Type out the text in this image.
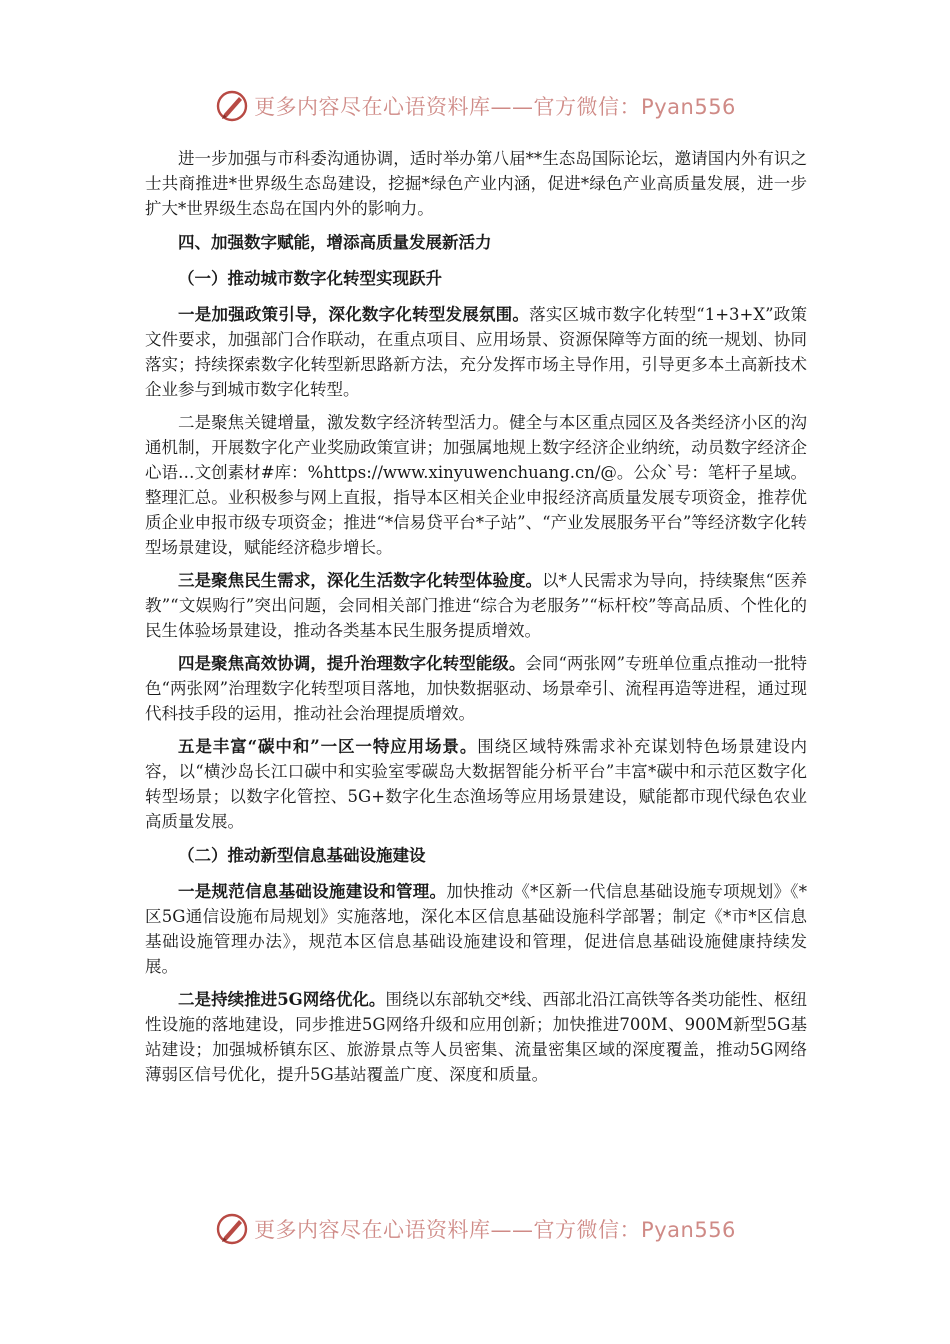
更多内容尽在心语资料库——官方微信：Pyan556

进一步加强与市科委沟通协调，适时举办第八届**生态岛国际论坛，邀请国内外有识之士共商推进*世界级生态岛建设，挖掘*绿色产业内涵，促进*绿色产业高质量发展，进一步扩大*世界级生态岛在国内外的影响力。

四、加强数字赋能，增添高质量发展新活力

（一）推动城市数字化转型实现跃升

一是加强政策引导，深化数字化转型发展氛围。落实区城市数字化转型“1+3+X”政策文件要求，加强部门合作联动，在重点项目、应用场景、资源保障等方面的统一规划、协同落实；持续探索数字化转型新思路新方法，充分发挥市场主导作用，引导更多本土高新技术企业参与到城市数字化转型。

二是聚焦关键增量，激发数字经济转型活力。健全与本区重点园区及各类经济小区的沟通机制，开展数字化产业奖励政策宣讲；加强属地规上数字经济企业纳统，动员数字经济企心语…文创素材#库：%https://www.xinyuwenchuang.cn/@。公众`号：笔杆子星域。整理汇总。业积极参与网上直报，指导本区相关企业申报经济高质量发展专项资金，推荐优质企业申报市级专项资金；推进“*信易贷平台*子站”、“产业发展服务平台”等经济数字化转型场景建设，赋能经济稳步增长。

三是聚焦民生需求，深化生活数字化转型体验度。以*人民需求为导向，持续聚焦“医养教”“文娱购行”突出问题，会同相关部门推进“综合为老服务”“标杆校”等高品质、个性化的民生体验场景建设，推动各类基本民生服务提质增效。

四是聚焦高效协调，提升治理数字化转型能级。会同“两张网”专班单位重点推动一批特色“两张网”治理数字化转型项目落地，加快数据驱动、场景牵引、流程再造等进程，通过现代科技手段的运用，推动社会治理提质增效。

五是丰富“碳中和”一区一特应用场景。围绕区域特殊需求补充谋划特色场景建设内容，以“横沙岛长江口碳中和实验室零碳岛大数据智能分析平台”丰富*碳中和示范区数字化转型场景；以数字化管控、5G+数字化生态渔场等应用场景建设，赋能都市现代绿色农业高质量发展。

（二）推动新型信息基础设施建设

一是规范信息基础设施建设和管理。加快推动《*区新一代信息基础设施专项规划》《*区5G通信设施布局规划》实施落地，深化本区信息基础设施科学部署；制定《*市*区信息基础设施管理办法》，规范本区信息基础设施建设和管理，促进信息基础设施健康持续发展。

二是持续推进5G网络优化。围绕以东部轨交*线、西部北沿江高铁等各类功能性、枢纽性设施的落地建设，同步推进5G网络升级和应用创新；加快推进700M、900M新型5G基站建设；加强城桥镇东区、旅游景点等人员密集、流量密集区域的深度覆盖，推动5G网络薄弱区信号优化，提升5G基站覆盖广度、深度和质量。

更多内容尽在心语资料库——官方微信：Pyan556
